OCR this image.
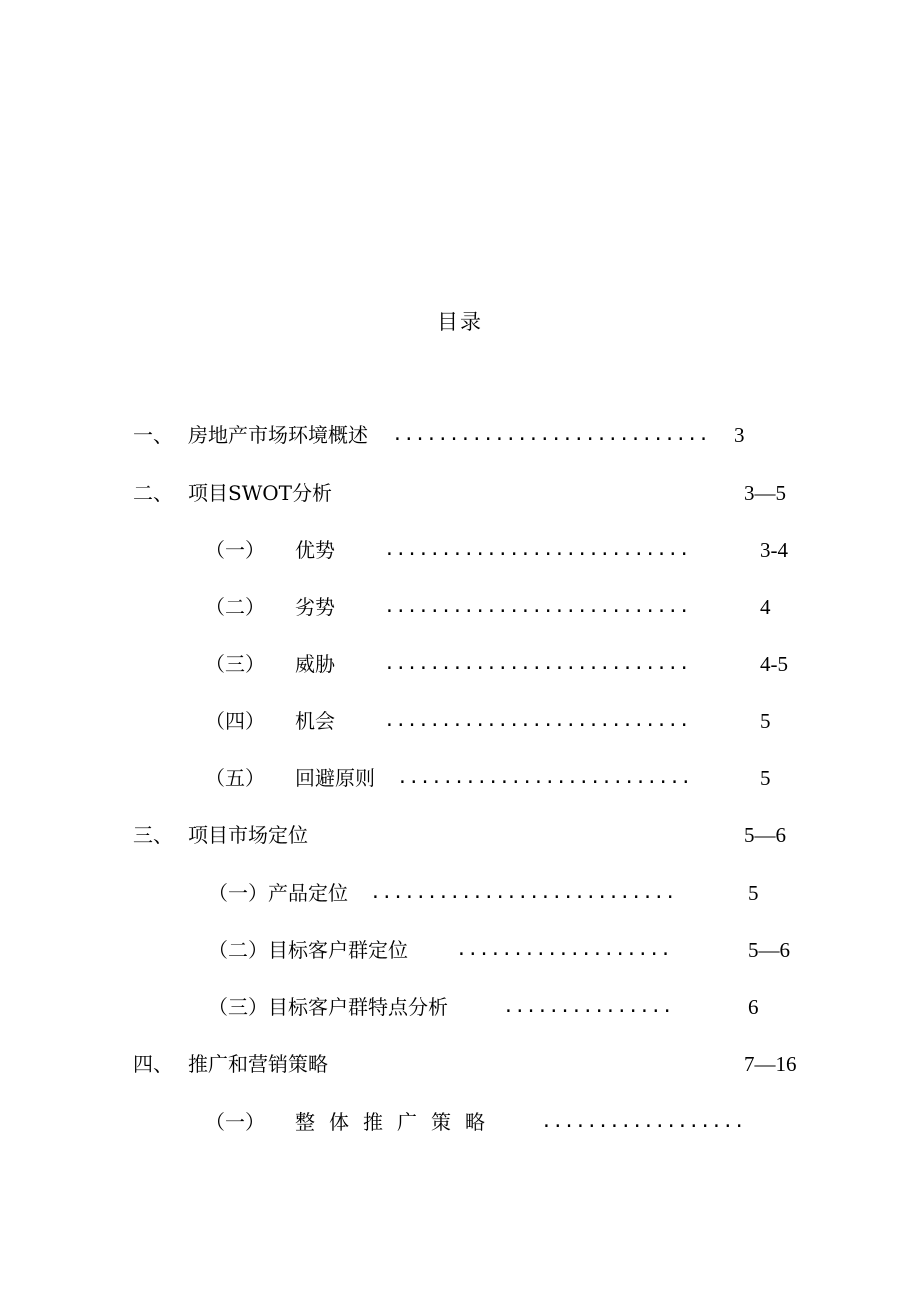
目录
一、 房地产市场环境概述 ............................ 3
二、 项目SWOT分析	3—5
（一） 优势	...........................	3-4
（二） 劣势	...........................	4
（三） 威胁	...........................	4-5
（四） 机会	...........................	5
（五） 回避原则 ..........................	5
三、 项目市场定位	5—6
（一）产品定位 ...........................	5
（二）目标客户群定位	...................	5—6
（三）目标客户群特点分析	...............	6
四、 推广和营销策略	7—16
（一） 整体推广策略 ..................
